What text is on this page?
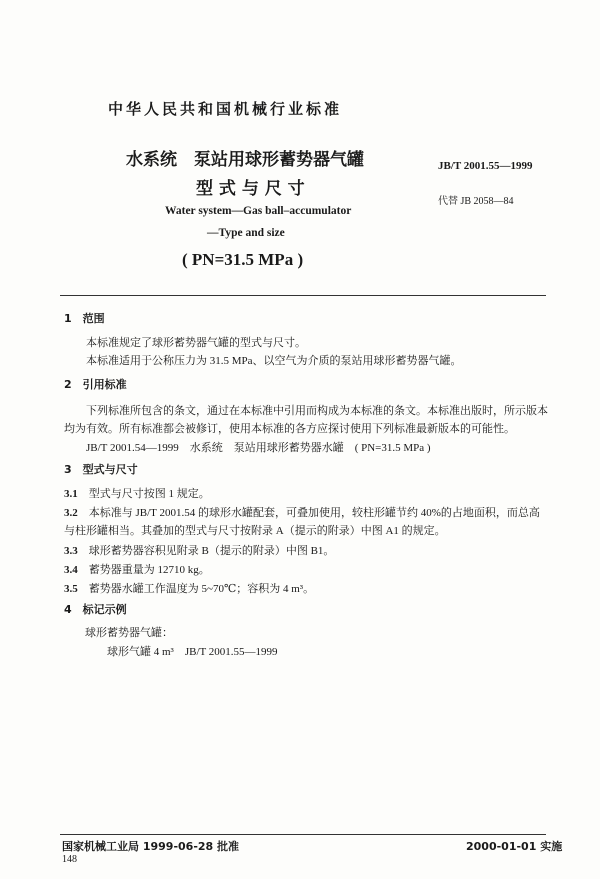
中华人民共和国机械行业标准
水系统　泵站用球形蓄势器气罐
型 式 与 尺 寸
Water system—Gas ball–accumulator
—Type and size
( PN=31.5 MPa )
JB/T 2001.55—1999
代替 JB 2058—84
1　 范围
本标准规定了球形蓄势器气罐的型式与尺寸。
本标准适用于公称压力为 31.5 MPa、以空气为介质的泵站用球形蓄势器气罐。
2　 引用标准
下列标准所包含的条文，通过在本标准中引用而构成为本标准的条文。本标准出版时，所示版本
均为有效。所有标准都会被修订，使用本标准的各方应探讨使用下列标准最新版本的可能性。
JB/T 2001.54—1999　水系统　泵站用球形蓄势器水罐　( PN=31.5 MPa )
3　 型式与尺寸
3.1　 型式与尺寸按图 1 规定。
3.2　 本标准与 JB/T 2001.54 的球形水罐配套，可叠加使用，较柱形罐节约 40%的占地面积，而总高
与柱形罐相当。其叠加的型式与尺寸按附录 A（提示的附录）中图 A1 的规定。
3.3　 球形蓄势器容积见附录 B（提示的附录）中图 B1。
3.4　 蓄势器重量为 12710 kg。
3.5　 蓄势器水罐工作温度为 5~70℃；容积为 4 m³。
4　 标记示例
球形蓄势器气罐：
球形气罐 4 m³　JB/T 2001.55—1999
国家机械工业局 1999-06-28 批准	2000-01-01 实施
148
